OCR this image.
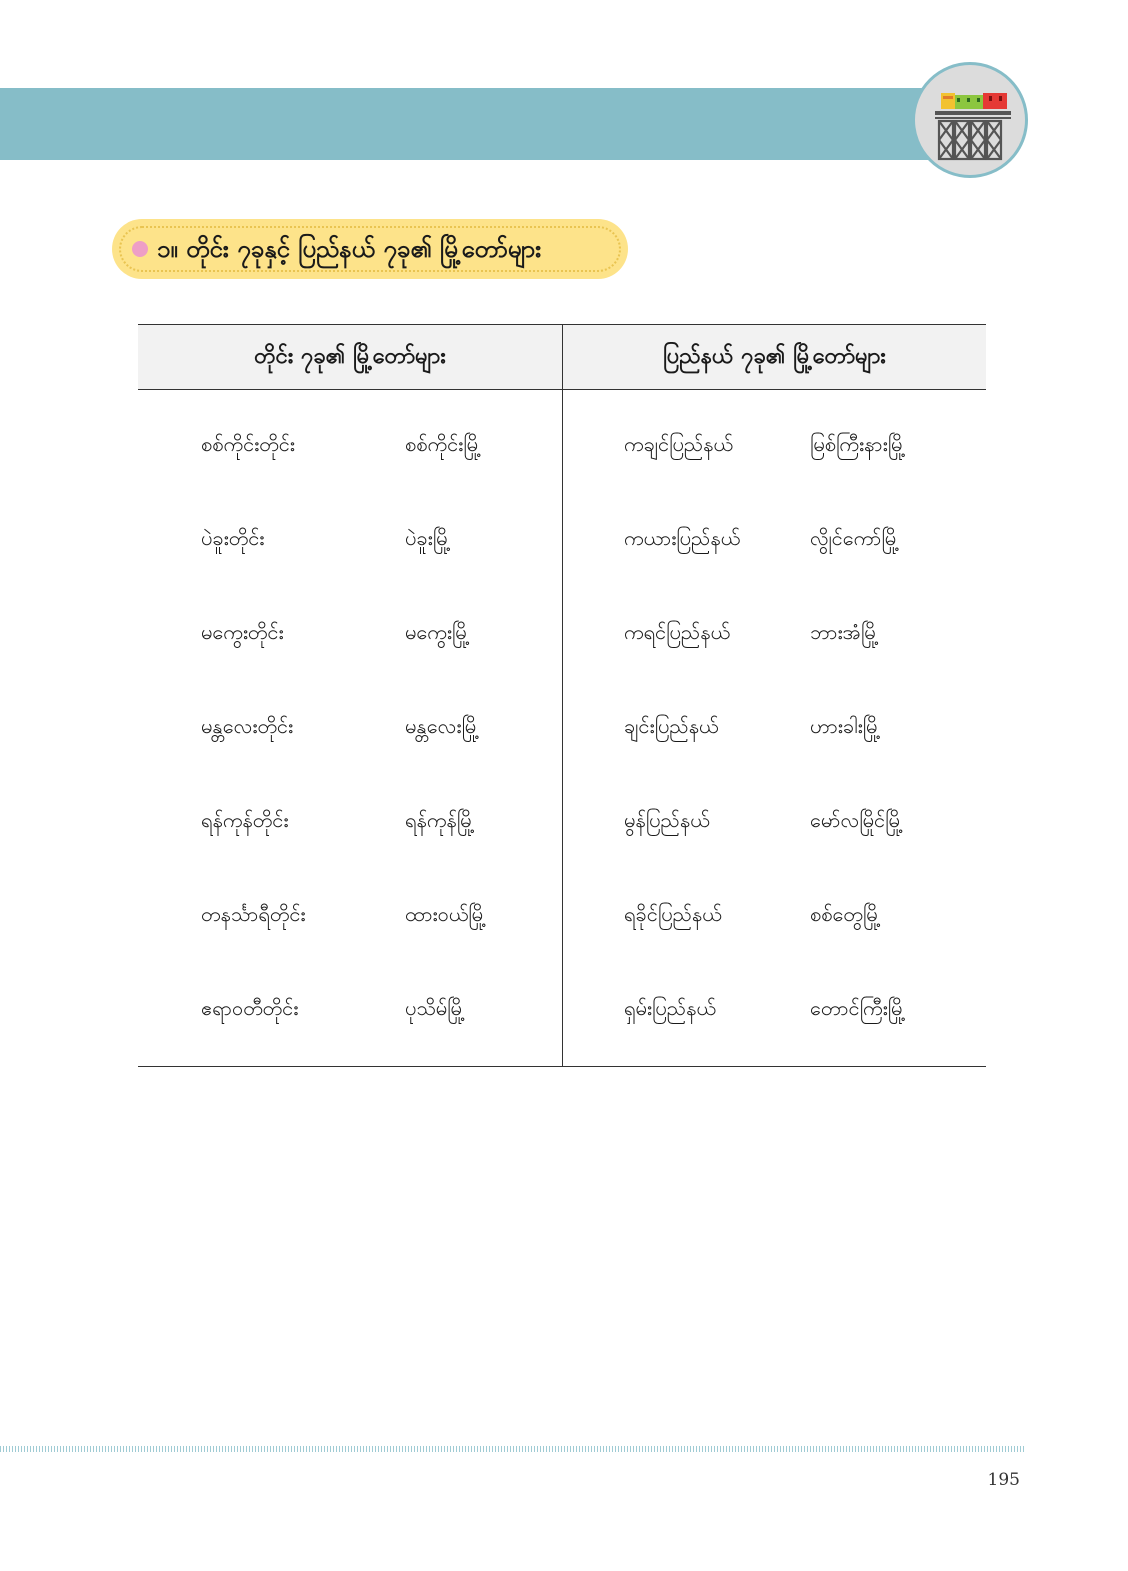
၁။ တိုင်း ၇ခုနှင့် ပြည်နယ် ၇ခု၏ မြို့တော်များ
တိုင်း ၇ခု၏ မြို့တော်များ	ပြည်နယ် ၇ခု၏ မြို့တော်များ
စစ်ကိုင်းတိုင်း	စစ်ကိုင်းမြို့	ကချင်ပြည်နယ်	မြစ်ကြီးနားမြို့
ပဲခူးတိုင်း	ပဲခူးမြို့	ကယားပြည်နယ်	လွိုင်ကော်မြို့
မကွေးတိုင်း	မကွေးမြို့	ကရင်ပြည်နယ်	ဘားအံမြို့
မန္တလေးတိုင်း	မန္တလေးမြို့	ချင်းပြည်နယ်	ဟားခါးမြို့
ရန်ကုန်တိုင်း	ရန်ကုန်မြို့	မွန်ပြည်နယ်	မော်လမြိုင်မြို့
တနင်္သာရီတိုင်း	ထားဝယ်မြို့	ရခိုင်ပြည်နယ်	စစ်တွေမြို့
ဧရာဝတီတိုင်း	ပုသိမ်မြို့	ရှမ်းပြည်နယ်	တောင်ကြီးမြို့
195
